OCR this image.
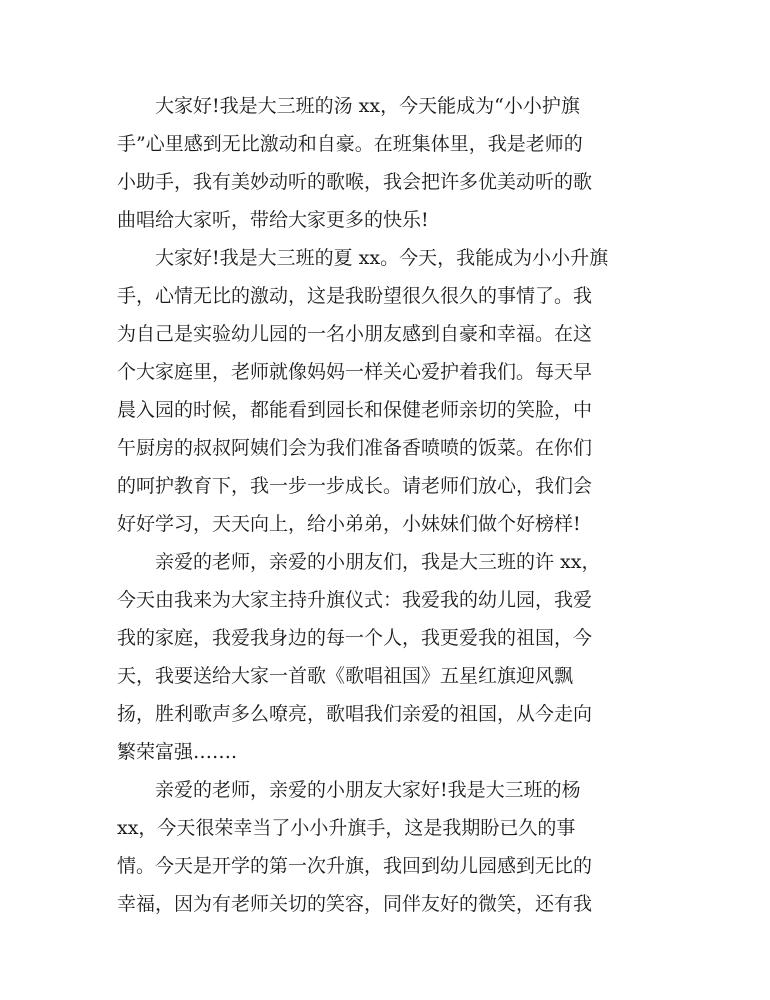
大家好!我是大三班的汤 xx，今天能成为“小小护旗
手”心里感到无比激动和自豪。在班集体里，我是老师的
小助手，我有美妙动听的歌喉，我会把许多优美动听的歌
曲唱给大家听，带给大家更多的快乐!
大家好!我是大三班的夏 xx。今天，我能成为小小升旗
手，心情无比的激动，这是我盼望很久很久的事情了。我
为自己是实验幼儿园的一名小朋友感到自豪和幸福。在这
个大家庭里，老师就像妈妈一样关心爱护着我们。每天早
晨入园的时候，都能看到园长和保健老师亲切的笑脸，中
午厨房的叔叔阿姨们会为我们准备香喷喷的饭菜。在你们
的呵护教育下，我一步一步成长。请老师们放心，我们会
好好学习，天天向上，给小弟弟，小妹妹们做个好榜样!
亲爱的老师，亲爱的小朋友们，我是大三班的许 xx，
今天由我来为大家主持升旗仪式：我爱我的幼儿园，我爱
我的家庭，我爱我身边的每一个人，我更爱我的祖国，今
天，我要送给大家一首歌《歌唱祖国》五星红旗迎风飘
扬，胜利歌声多么嘹亮，歌唱我们亲爱的祖国，从今走向
繁荣富强…….
亲爱的老师，亲爱的小朋友大家好!我是大三班的杨
xx，今天很荣幸当了小小升旗手，这是我期盼已久的事
情。今天是开学的第一次升旗，我回到幼儿园感到无比的
幸福，因为有老师关切的笑容，同伴友好的微笑，还有我
